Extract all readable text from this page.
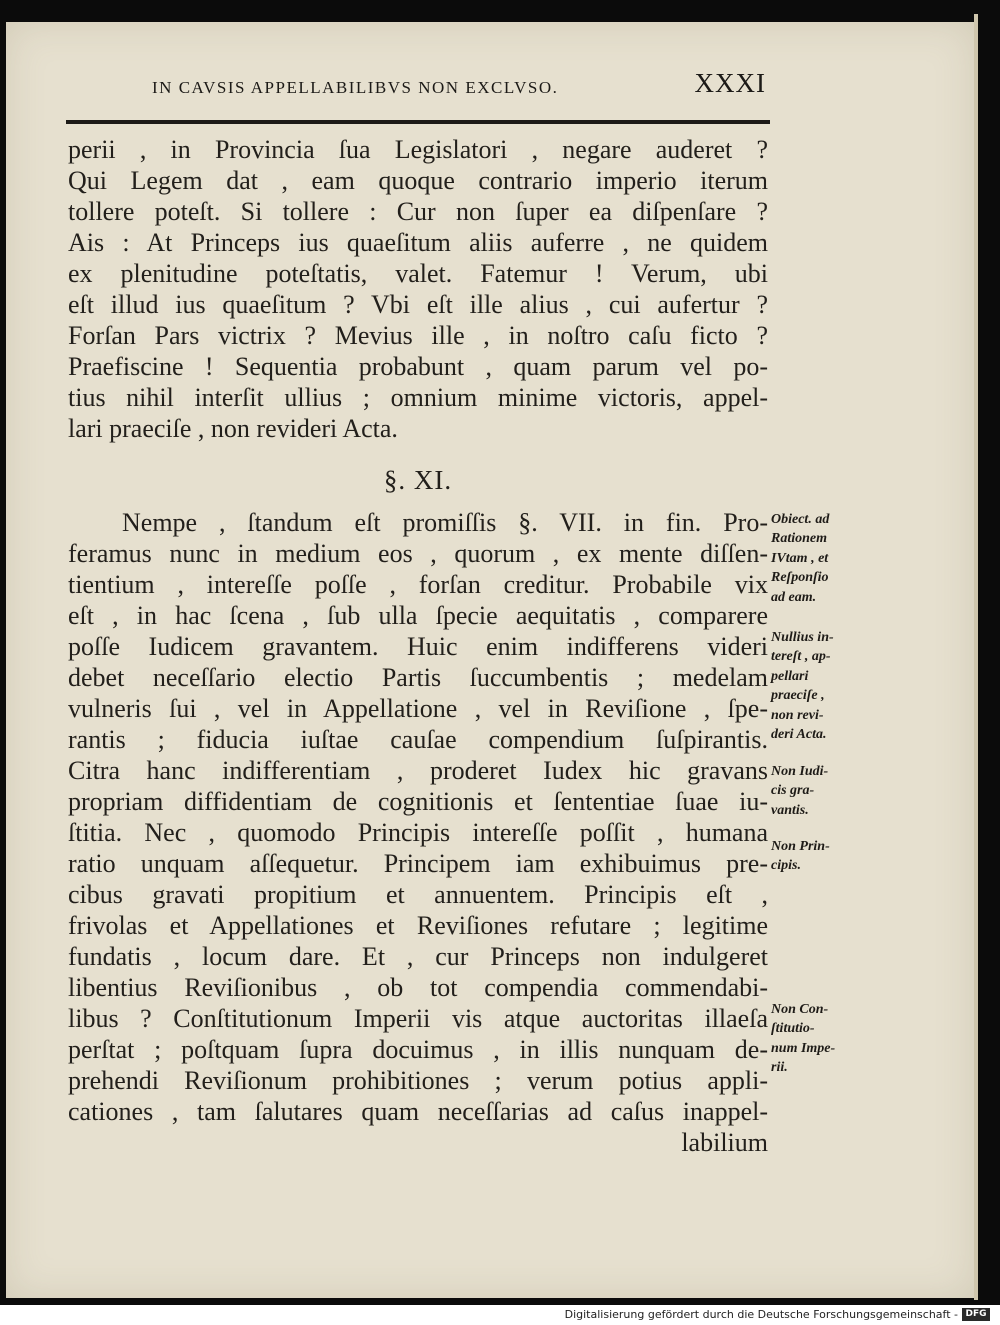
IN CAVSIS APPELLABILIBVS NON EXCLVSO.	XXXI
perii , in Provincia ſua Legislatori , negare auderet ?
Qui Legem dat , eam quoque contrario imperio iterum
tollere poteſt. Si tollere : Cur non ſuper ea diſpenſare ?
Ais : At Princeps ius quaeſitum aliis auferre , ne quidem
ex plenitudine poteſtatis, valet. Fatemur ! Verum, ubi
eſt illud ius quaeſitum ? Vbi eſt ille alius , cui aufertur ?
Forſan Pars victrix ? Mevius ille , in noſtro caſu ficto ?
Praefiscine ! Sequentia probabunt , quam parum vel po-
tius nihil interſit ullius ; omnium minime victoris, appel-
lari praeciſe , non revideri Acta.
§. XI.
Nempe , ſtandum eſt promiſſis §. VII. in fin. Pro-
feramus nunc in medium eos , quorum , ex mente diſſen-
tientium , intereſſe poſſe , forſan creditur. Probabile vix
eſt , in hac ſcena , ſub ulla ſpecie aequitatis , comparere
poſſe Iudicem gravantem. Huic enim indifferens videri
debet neceſſario electio Partis ſuccumbentis ; medelam
vulneris ſui , vel in Appellatione , vel in Reviſione , ſpe-
rantis ; fiducia iuſtae cauſae compendium ſuſpirantis.
Citra hanc indifferentiam , proderet Iudex hic gravans
propriam diffidentiam de cognitionis et ſententiae ſuae iu-
ſtitia. Nec , quomodo Principis intereſſe poſſit , humana
ratio unquam aſſequetur. Principem iam exhibuimus pre-
cibus gravati propitium et annuentem. Principis eſt ,
frivolas et Appellationes et Reviſiones refutare ; legitime
fundatis , locum dare. Et , cur Princeps non indulgeret
libentius Reviſionibus , ob tot compendia commendabi-
libus ? Conſtitutionum Imperii vis atque auctoritas illaeſa
perſtat ; poſtquam ſupra docuimus , in illis nunquam de-
prehendi Reviſionum prohibitiones ; verum potius appli-
cationes , tam ſalutares quam neceſſarias ad caſus inappel-
labilium
Obiect. ad
Rationem
IVtam , et
Reſponſio
ad eam.
Nullius in-
tereſt , ap-
pellari
praeciſe ,
non revi-
deri Acta.
Non Iudi-
cis gra-
vantis.
Non Prin-
cipis.
Non Con-
ſtitutio-
num Impe-
rii.
Digitalisierung gefördert durch die Deutsche Forschungsgemeinschaft - DFG
